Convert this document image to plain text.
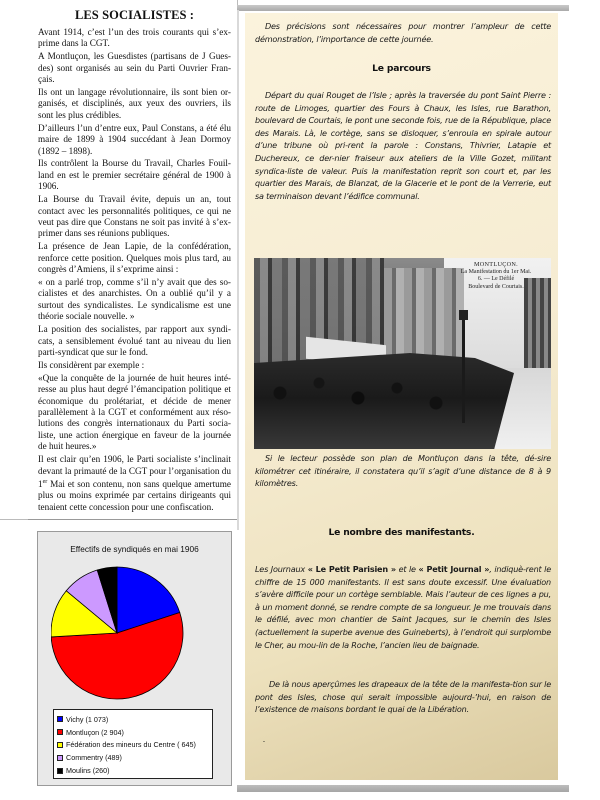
LES SOCIALISTES :

Avant 1914, c’est l’un des trois courants qui s’ex-prime dans la CGT.

A Montluçon, les Guesdistes (partisans de J Gues-des) sont organisés au sein du Parti Ouvrier Fran-çais.

Ils ont un langage révolutionnaire, ils sont bien or-ganisés, et disciplinés, aux yeux des ouvriers, ils sont les plus crédibles.

D’ailleurs l’un d’entre eux, Paul Constans, a été élu maire de 1899 à 1904 succédant à Jean Dormoy (1892 – 1898).

Ils contrôlent la Bourse du Travail, Charles Fouil-land en est le premier secrétaire général de 1900 à 1906.

La Bourse du Travail évite, depuis un an, tout contact avec les personnalités politiques, ce qui ne veut pas dire que Constans ne soit pas invité à s’ex-primer dans ses réunions publiques.

La présence de Jean Lapie, de la confédération, renforce cette position. Quelques mois plus tard, au congrès d’Amiens, il s’exprime ainsi :

« on a parlé trop, comme s’il n’y avait que des so-cialistes et des anarchistes. On a oublié qu’il y a surtout des syndicalistes. Le syndicalisme est une théorie sociale nouvelle. »

La position des socialistes, par rapport aux syndi-cats, a sensiblement évolué tant au niveau du lien parti-syndicat que sur le fond.

Ils considèrent par exemple :

«Que la conquête de la journée de huit heures inté-resse au plus haut degré l’émancipation politique et économique du prolétariat, et décide de mener parallèlement à la CGT et conformément aux réso-lutions des congrès internationaux du Parti socia-liste, une action énergique en faveur de la journée de huit heures.»

Il est clair qu’en 1906, le Parti socialiste s’inclinait devant la primauté de la CGT pour l’organisation du 1er Mai et son contenu, non sans quelque amertume plus ou moins exprimée par certains dirigeants qui tenaient cette concession pour une confiscation.

Effectifs de syndiqués en mai 1906
Vichy (1 073)
Montluçon (2 904)
Fédération des mineurs du Centre ( 645)
Commentry (489)
Moulins (260)

Des précisions sont nécessaires pour montrer l’ampleur de cette démonstration, l’importance de cette journée.

Le parcours

Départ du quai Rouget de l’Isle ; après la traversée du pont Saint Pierre : route de Limoges, quartier des Fours à Chaux, les Isles, rue Barathon, boulevard de Courtais, le pont une seconde fois, rue de la République, place des Marais. Là, le cortège, sans se disloquer, s’enroula en spirale autour d’une tribune où pri-rent la parole : Constans, Thivrier, Latapie et Duchereux, ce der-nier fraiseur aux ateliers de la Ville Gozet, militant syndica-liste de valeur. Puis la manifestation reprit son court et, par les quartier des Marais, de Blanzat, de la Glacerie et le pont de la Verrerie, eut sa terminaison devant l’édifice communal.

MONTLUÇON.
La Manifestation du 1er Mai.
6. — Le Défilé
Boulevard de Courtais.

Si le lecteur possède son plan de Montluçon dans la tête, dé-sire kilométrer cet itinéraire, il constatera qu’il s’agit d’une distance de 8 à 9 kilomètres.

Le nombre des manifestants.

Les Journaux « Le Petit Parisien » et le « Petit Journal », indiquè-rent le chiffre de 15 000 manifestants. Il est sans doute excessif. Une évaluation s’avère difficile pour un cortège semblable. Mais l’auteur de ces lignes a pu, à un moment donné, se rendre compte de sa longueur. Je me trouvais dans le défilé, avec mon chantier de Saint Jacques, sur le chemin des Isles (actuellement la superbe avenue des Guineberts), à l’endroit qui surplombe le Cher, au mou-lin de la Roche, l’ancien lieu de baignade.

De là nous aperçûmes les drapeaux de la tête de la manifesta-tion sur le pont des Isles, chose qui serait impossible aujourd-’hui, en raison de l’existence de maisons bordant le quai de la Libération.

.
